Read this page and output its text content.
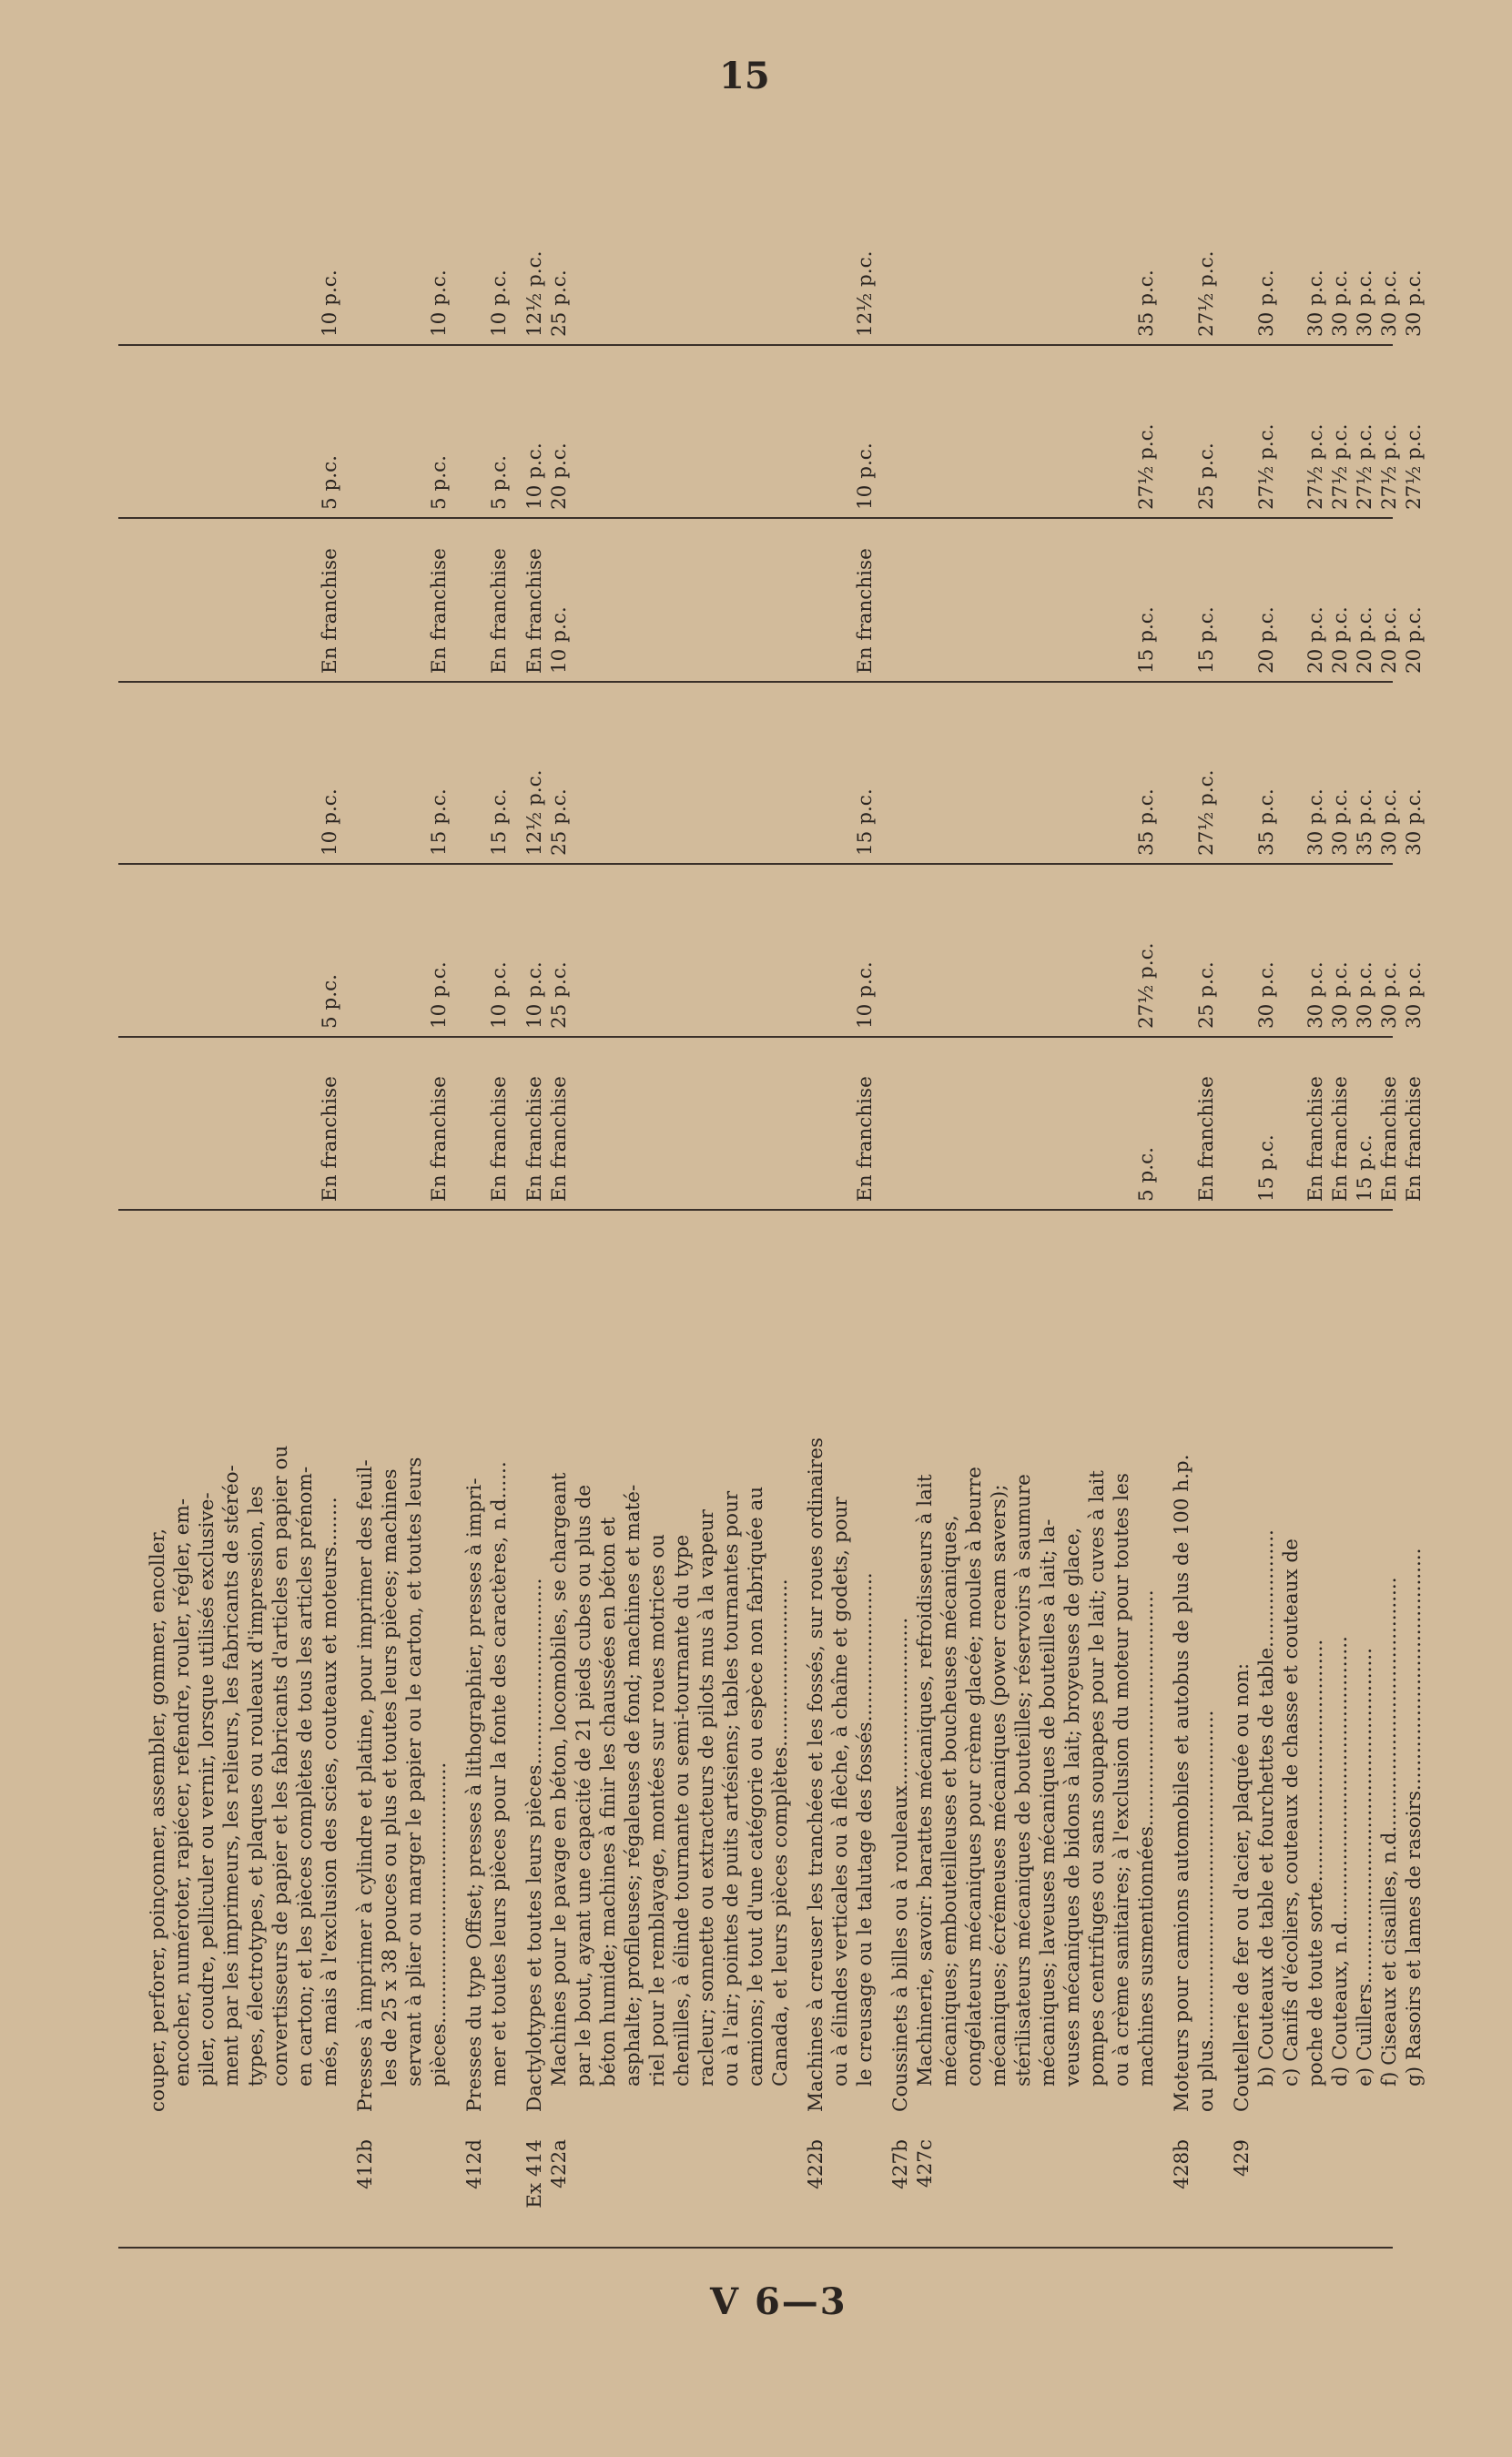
15
couper, perforer, poinçonner, assembler, gommer, encoller, encocher, numéroter, rapiécer, refendre, rouler, régler, em- piler, coudre, pelliculer ou vernir, lorsque utilisés exclusive- ment par les imprimeurs, les relieurs, les fabricants de stéréo- types, électrotypes, et plaques ou rouleaux d'impression, les convertisseurs de papier et les fabricants d'articles en papier ou en carton; et les pièces complètes de tous les articles prénom- més, mais à l'exclusion des scies, couteaux et moteurs........
En franchise
5 p.c.
10 p.c.
En franchise
5 p.c.
10 p.c.
412b
Presses à imprimer à cylindre et platine, pour imprimer des feuil- les de 25 x 38 pouces ou plus et toutes leurs pièces; machines servant à plier ou marger le papier ou le carton, et toutes leurs pièces..........................................
En franchise
10 p.c.
15 p.c.
En franchise
5 p.c.
10 p.c.
412d
Presses du type Offset; presses à lithographier, presses à impri- mer et toutes leurs pièces pour la fonte des caractères, n.d......
En franchise
10 p.c.
15 p.c.
En franchise
5 p.c.
10 p.c.
Ex 414 422a
Dactylotypes et toutes leurs pièces.............................. Machines pour le pavage en béton, locomobiles, se chargeant par le bout, ayant une capacité de 21 pieds cubes ou plus de béton humide; machines à finir les chaussées en béton et asphalte; profileuses; régaleuses de fond; machines et maté- riel pour le remblayage, montées sur roues motrices ou chenilles, à élinde tournante ou semi-tournante du type racleur; sonnette ou extracteurs de pilots mus à la vapeur ou à l'air; pointes de puits artésiens; tables tournantes pour camions; le tout d'une catégorie ou espèce non fabriquée au Canada, et leurs pièces complètes...........................
En franchise En franchise
10 p.c. 25 p.c.
12½ p.c. 25 p.c.
En franchise 10 p.c.
10 p.c. 20 p.c.
12½ p.c. 25 p.c.
422b
Machines à creuser les tranchées et les fossés, sur roues ordinaires ou à élindes verticales ou à flèche, à chaîne et godets, pour le creusage ou le talutage des fossés........................
En franchise
10 p.c.
15 p.c.
En franchise
10 p.c.
12½ p.c.
427b 427c
Coussinets à billes ou à rouleaux........................... Machinerie, savoir: barattes mécaniques, refroidisseurs à lait mécaniques; embouteilleuses et boucheuses mécaniques, congélateurs mécaniques pour crème glacée; moules à beurre mécaniques; écrémeuses mécaniques (power cream savers); stérilisateurs mécaniques de bouteilles; réservoirs à saumure mécaniques; laveuses mécaniques de bouteilles à lait; la- veuses mécaniques de bidons à lait; broyeuses de glace, pompes centrifuges ou sans soupapes pour le lait; cuves à lait ou à crème sanitaires; à l'exclusion du moteur pour toutes les machines susmentionnées......................................
5 p.c.
27½ p.c.
35 p.c.
15 p.c.
27½ p.c.
35 p.c.
428b
Moteurs pour camions automobiles et autobus de plus de 100 h.p. ou plus.....................................................
En franchise
25 p.c.
27½ p.c.
15 p.c.
25 p.c.
27½ p.c.
429
Coutellerie de fer ou d'acier, plaquée ou non: b) Couteaux de table et fourchettes de table................... c) Canifs d'écoliers, couteaux de chasse et couteaux de poche de toute sorte....................................... d) Couteaux, n.d.............................................. e) Cuillers...................................................... f) Ciseaux et cisailles, n.d......................................... g) Rasoirs et lames de rasoirs.......................................
15 p.c.
30 p.c.
35 p.c.
20 p.c.
27½ p.c.
30 p.c.
En franchise
30 p.c.
30 p.c.
20 p.c.
27½ p.c.
30 p.c.
En franchise
30 p.c.
30 p.c.
20 p.c.
27½ p.c.
30 p.c.
15 p.c.
30 p.c.
35 p.c.
20 p.c.
27½ p.c.
30 p.c.
En franchise
30 p.c.
30 p.c.
20 p.c.
27½ p.c.
30 p.c.
En franchise
30 p.c.
30 p.c.
20 p.c.
27½ p.c.
30 p.c.
V 6—3
